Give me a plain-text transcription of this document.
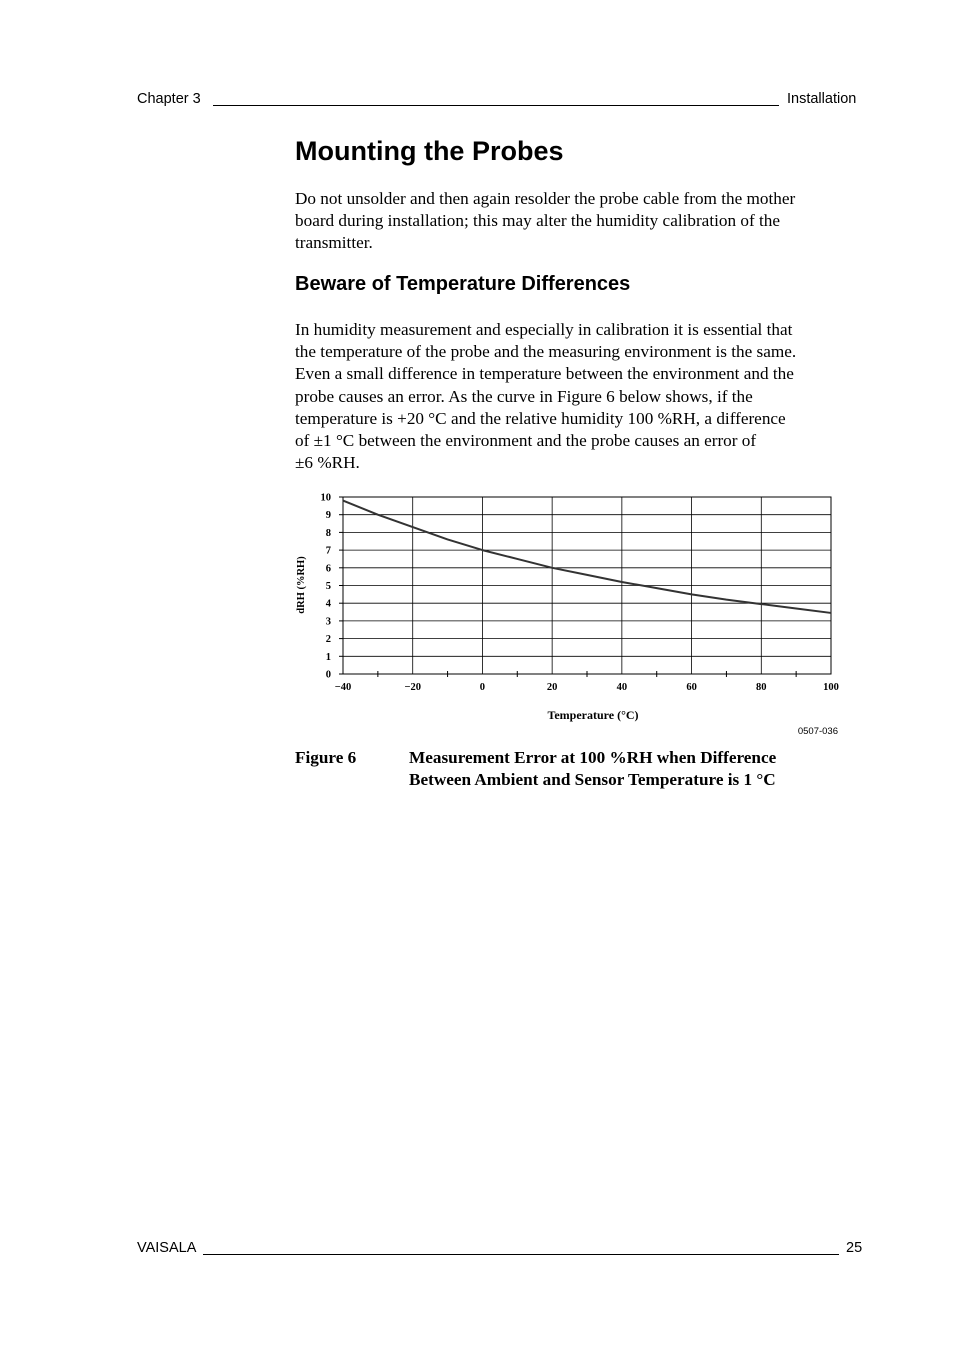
Chapter 3	Installation
Mounting the Probes

Do not unsolder and then again resolder the probe cable from the mother
board during installation; this may alter the humidity calibration of the
transmitter.

Beware of Temperature Differences

In humidity measurement and especially in calibration it is essential that
the temperature of the probe and the measuring environment is the same.
Even a small difference in temperature between the environment and the
probe causes an error. As the curve in Figure 6 below shows, if the
temperature is +20 °C and the relative humidity 100 %RH, a difference
of ±1 °C between the environment and the probe causes an error of
±6 %RH.

0
1
2
3
4
5
6
7
8
9
10
−40	−20	0	20	40	60	80	100
Temperature (°C)
dRH (%RH)
0507-036
Figure 6	Measurement Error at 100 %RH when Difference
Between Ambient and Sensor Temperature is 1 °C
VAISALA	25
